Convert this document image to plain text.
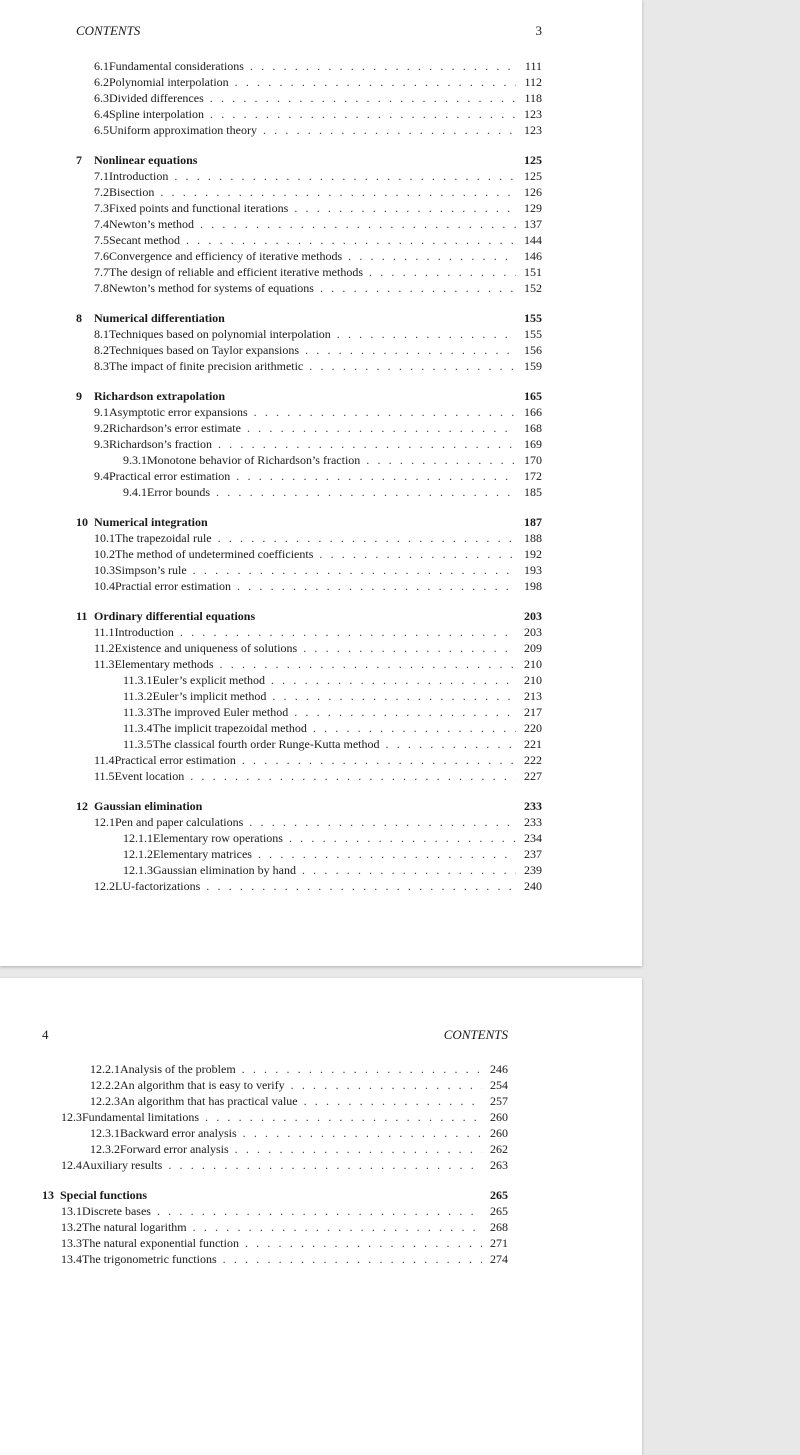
CONTENTS	3
6.1 Fundamental considerations . . .	111
6.2 Polynomial interpolation . . .	112
6.3 Divided differences . . .	118
6.4 Spline interpolation . . .	123
6.5 Uniform approximation theory . . .	123
7	Nonlinear equations	125
7.1 Introduction . . .	125
7.2 Bisection . . .	126
7.3 Fixed points and functional iterations . . .	129
7.4 Newton’s method . . .	137
7.5 Secant method . . .	144
7.6 Convergence and efficiency of iterative methods . . .	146
7.7 The design of reliable and efficient iterative methods . . .	151
7.8 Newton’s method for systems of equations . . .	152
8	Numerical differentiation	155
8.1 Techniques based on polynomial interpolation . . .	155
8.2 Techniques based on Taylor expansions . . .	156
8.3 The impact of finite precision arithmetic . . .	159
9	Richardson extrapolation	165
9.1 Asymptotic error expansions . . .	166
9.2 Richardson’s error estimate . . .	168
9.3 Richardson’s fraction . . .	169
9.3.1 Monotone behavior of Richardson’s fraction . . .	170
9.4 Practical error estimation . . .	172
9.4.1 Error bounds . . .	185
10 Numerical integration	187
10.1 The trapezoidal rule . . .	188
10.2 The method of undetermined coefficients . . .	192
10.3 Simpson’s rule . . .	193
10.4 Practial error estimation . . .	198
11 Ordinary differential equations	203
11.1 Introduction . . .	203
11.2 Existence and uniqueness of solutions . . .	209
11.3 Elementary methods . . .	210
11.3.1 Euler’s explicit method . . .	210
11.3.2 Euler’s implicit method . . .	213
11.3.3 The improved Euler method . . .	217
11.3.4 The implicit trapezoidal method . . .	220
11.3.5 The classical fourth order Runge-Kutta method . . .	221
11.4 Practical error estimation . . .	222
11.5 Event location . . .	227
12 Gaussian elimination	233
12.1 Pen and paper calculations . . .	233
12.1.1 Elementary row operations . . .	234
12.1.2 Elementary matrices . . .	237
12.1.3 Gaussian elimination by hand . . .	239
12.2 LU-factorizations . . .	240
4	CONTENTS
12.2.1 Analysis of the problem . . .	246
12.2.2 An algorithm that is easy to verify . . .	254
12.2.3 An algorithm that has practical value . . .	257
12.3 Fundamental limitations . . .	260
12.3.1 Backward error analysis . . .	260
12.3.2 Forward error analysis . . .	262
12.4 Auxiliary results . . .	263
13 Special functions	265
13.1 Discrete bases . . .	265
13.2 The natural logarithm . . .	268
13.3 The natural exponential function . . .	271
13.4 The trigonometric functions . . .	274
